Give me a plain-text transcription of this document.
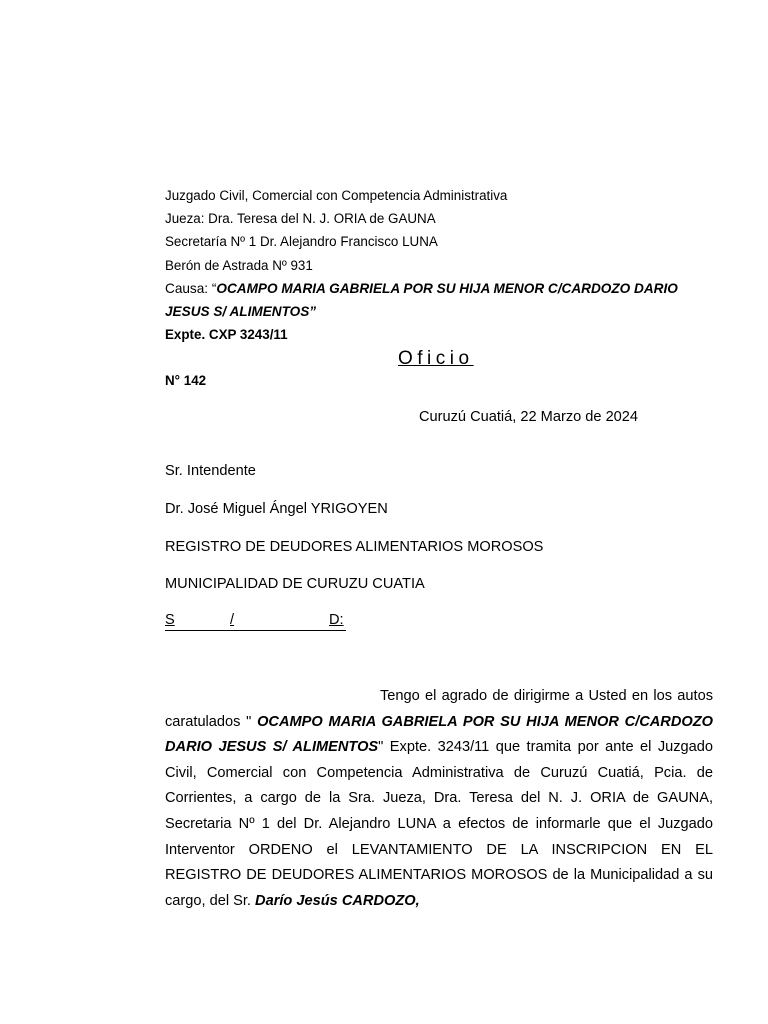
Juzgado Civil, Comercial con Competencia Administrativa
Jueza: Dra. Teresa del N. J. ORIA de GAUNA
Secretaría Nº 1 Dr. Alejandro Francisco LUNA
Berón de Astrada Nº 931
Causa: “OCAMPO MARIA GABRIELA POR SU HIJA MENOR C/CARDOZO DARIO
JESUS S/ ALIMENTOS”
Expte. CXP 3243/11
Oficio
N° 142
Curuzú Cuatiá, 22 Marzo de 2024
Sr. Intendente
Dr. José Miguel Ángel YRIGOYEN
REGISTRO DE DEUDORES ALIMENTARIOS MOROSOS
MUNICIPALIDAD DE CURUZU CUATIA
S	/	D:
Tengo el agrado de dirigirme a Usted en los autos caratulados " OCAMPO MARIA GABRIELA POR SU HIJA MENOR C/CARDOZO DARIO JESUS S/ ALIMENTOS" Expte. 3243/11 que tramita por ante el Juzgado Civil, Comercial con Competencia Administrativa de Curuzú Cuatiá, Pcia. de Corrientes, a cargo de la Sra. Jueza, Dra. Teresa del N. J. ORIA de GAUNA, Secretaria Nº 1 del Dr. Alejandro LUNA a efectos de informarle que el Juzgado Interventor ORDENO el LEVANTAMIENTO DE LA INSCRIPCION EN EL REGISTRO DE DEUDORES ALIMENTARIOS MOROSOS de la Municipalidad a su cargo, del Sr. Darío Jesús CARDOZO,
